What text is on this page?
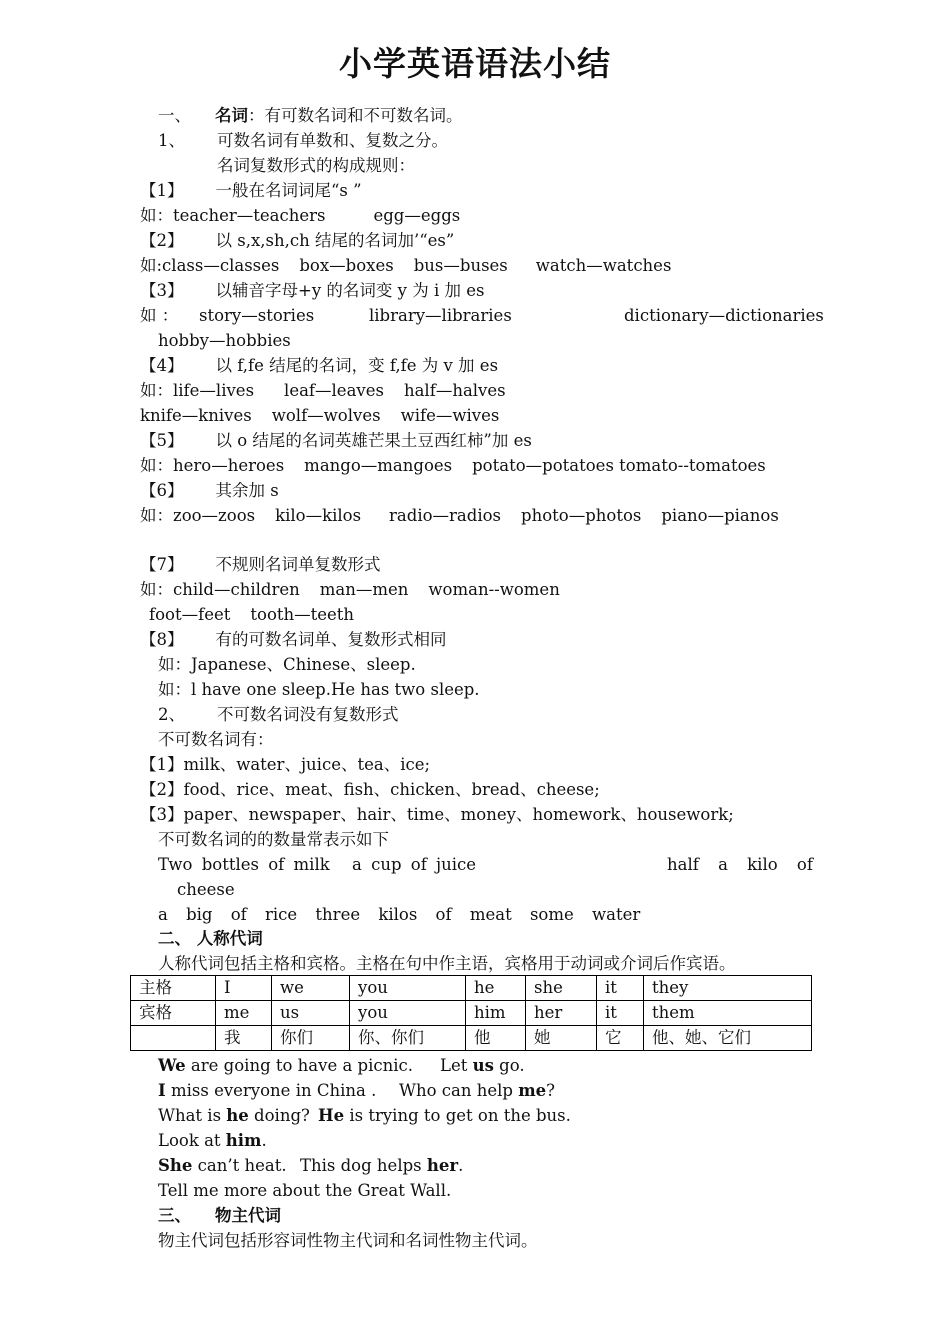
小学英语语法小结
一、 名词：有可数名词和不可数名词。
1、 可数名词有单数和、复数之分。
名词复数形式的构成规则：
【1】 一般在名词词尾“s ”
如：teacher—teachers	egg—eggs
【2】 以 s,x,sh,ch 结尾的名词加’“es”
如:class—classes box—boxes bus—buses watch—watches
【3】 以辅音字母+y 的名词变 y 为 i 加 es
如 ： story—stories	library—libraries	dictionary—dictionaries
hobby—hobbies
【4】 以 f,fe 结尾的名词，变 f,fe 为 v 加 es
如：life—lives leaf—leaves half—halves
knife—knives wolf—wolves wife—wives
【5】 以 o 结尾的名词英雄芒果土豆西红柿”加 es
如：hero—heroes mango—mangoes potato—potatoes tomato--tomatoes
【6】 其余加 s
如：zoo—zoos kilo—kilos radio—radios photo—photos piano—pianos
【7】 不规则名词单复数形式
如：child—children man—men woman--women
foot—feet tooth—teeth
【8】 有的可数名词单、复数形式相同
如：Japanese、Chinese、sleep.
如：l have one sleep.He has two sleep.
2、 不可数名词没有复数形式
不可数名词有：
【1】milk、water、juice、tea、ice;
【2】food、rice、meat、fish、chicken、bread、cheese;
【3】paper、newspaper、hair、time、money、homework、housework;
不可数名词的的数量常表示如下
Two bottles of milk a cup of juice	half a kilo of
cheese
a big of rice three kilos of meat some water
二、 人称代词
人称代词包括主格和宾格。主格在句中作主语，宾格用于动词或介词后作宾语。
主格	I	we	you	he	she	it	they
宾格	me	us	you	him	her	it	them
	我	你们	你、你们	他	她	它	他、她、它们
We are going to have a picnic. Let us go.
I miss everyone in China . Who can help me?
What is he doing? He is trying to get on the bus.
Look at him.
She can’t heat. This dog helps her.
Tell me more about the Great Wall.
三、 物主代词
物主代词包括形容词性物主代词和名词性物主代词。
